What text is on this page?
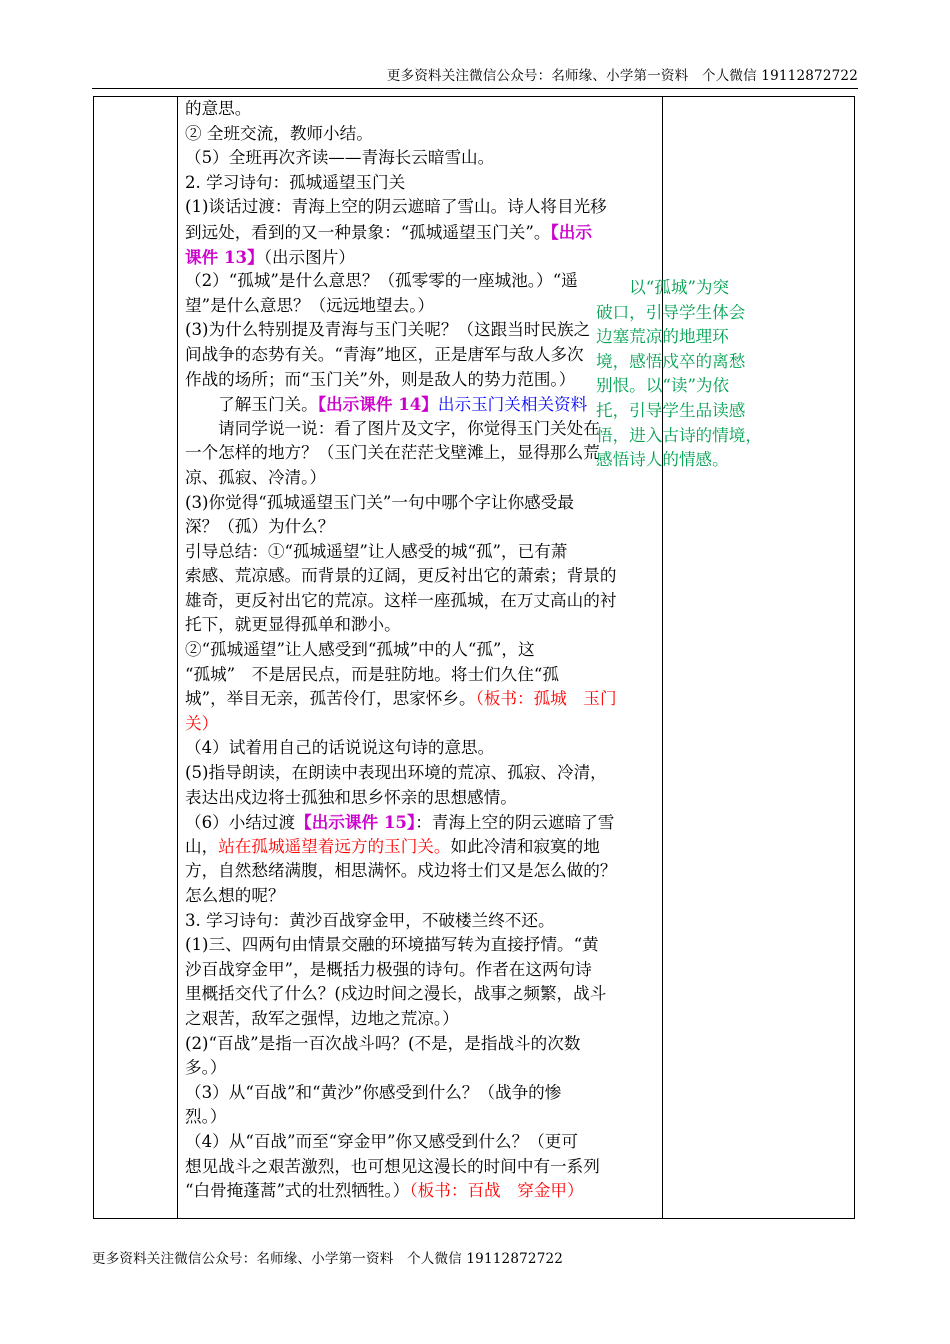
更多资料关注微信公众号：名师缘、小学第一资料　个人微信 19112872722
的意思。
② 全班交流，教师小结。
（5）全班再次齐读——青海长云暗雪山。
2. 学习诗句：孤城遥望玉门关
(1)谈话过渡：青海上空的阴云遮暗了雪山。诗人将目光移
到远处，看到的又一种景象：“孤城遥望玉门关”。【出示
课件 13】（出示图片）
（2）“孤城”是什么意思？（孤零零的一座城池。）“遥
望”是什么意思？（远远地望去。）
(3)为什么特别提及青海与玉门关呢？（这跟当时民族之
间战争的态势有关。“青海”地区，正是唐军与敌人多次
作战的场所；而“玉门关”外，则是敌人的势力范围。）
　　了解玉门关。【出示课件 14】出示玉门关相关资料
　　请同学说一说：看了图片及文字，你觉得玉门关处在
一个怎样的地方？（玉门关在茫茫戈壁滩上，显得那么荒
凉、孤寂、冷清。）
(3)你觉得“孤城遥望玉门关”一句中哪个字让你感受最
深？（孤）为什么？
引导总结：①“孤城遥望”让人感受的城“孤”，已有萧
索感、荒凉感。而背景的辽阔，更反衬出它的萧索；背景的
雄奇，更反衬出它的荒凉。这样一座孤城，在万丈高山的衬
托下，就更显得孤单和渺小。
②“孤城遥望”让人感受到“孤城”中的人“孤”，这
“孤城”　不是居民点，而是驻防地。将士们久住“孤
城”，举目无亲，孤苦伶仃，思家怀乡。（板书：孤城　玉门
关）
（4）试着用自己的话说说这句诗的意思。
(5)指导朗读，在朗读中表现出环境的荒凉、孤寂、冷清，
表达出戍边将士孤独和思乡怀亲的思想感情。
（6）小结过渡【出示课件 15】：青海上空的阴云遮暗了雪
山，站在孤城遥望着远方的玉门关。如此冷清和寂寞的地
方，自然愁绪满腹，相思满怀。戍边将士们又是怎么做的？
怎么想的呢？
3. 学习诗句：黄沙百战穿金甲，不破楼兰终不还。
(1)三、四两句由情景交融的环境描写转为直接抒情。“黄
沙百战穿金甲”，是概括力极强的诗句。作者在这两句诗
里概括交代了什么？(戍边时间之漫长，战事之频繁，战斗
之艰苦，敌军之强悍，边地之荒凉。）
(2)“百战”是指一百次战斗吗？(不是，是指战斗的次数
多。）
（3）从“百战”和“黄沙”你感受到什么？（战争的惨
烈。）
（4）从“百战”而至“穿金甲”你又感受到什么？（更可
想见战斗之艰苦激烈，也可想见这漫长的时间中有一系列
“白骨掩蓬蒿”式的壮烈牺牲。）（板书：百战　穿金甲）
　　以“孤城”为突
破口，引导学生体会
边塞荒凉的地理环
境，感悟戍卒的离愁
别恨。以“读”为依
托，引导学生品读感
悟，进入古诗的情境，
感悟诗人的情感。
更多资料关注微信公众号：名师缘、小学第一资料　个人微信 19112872722
